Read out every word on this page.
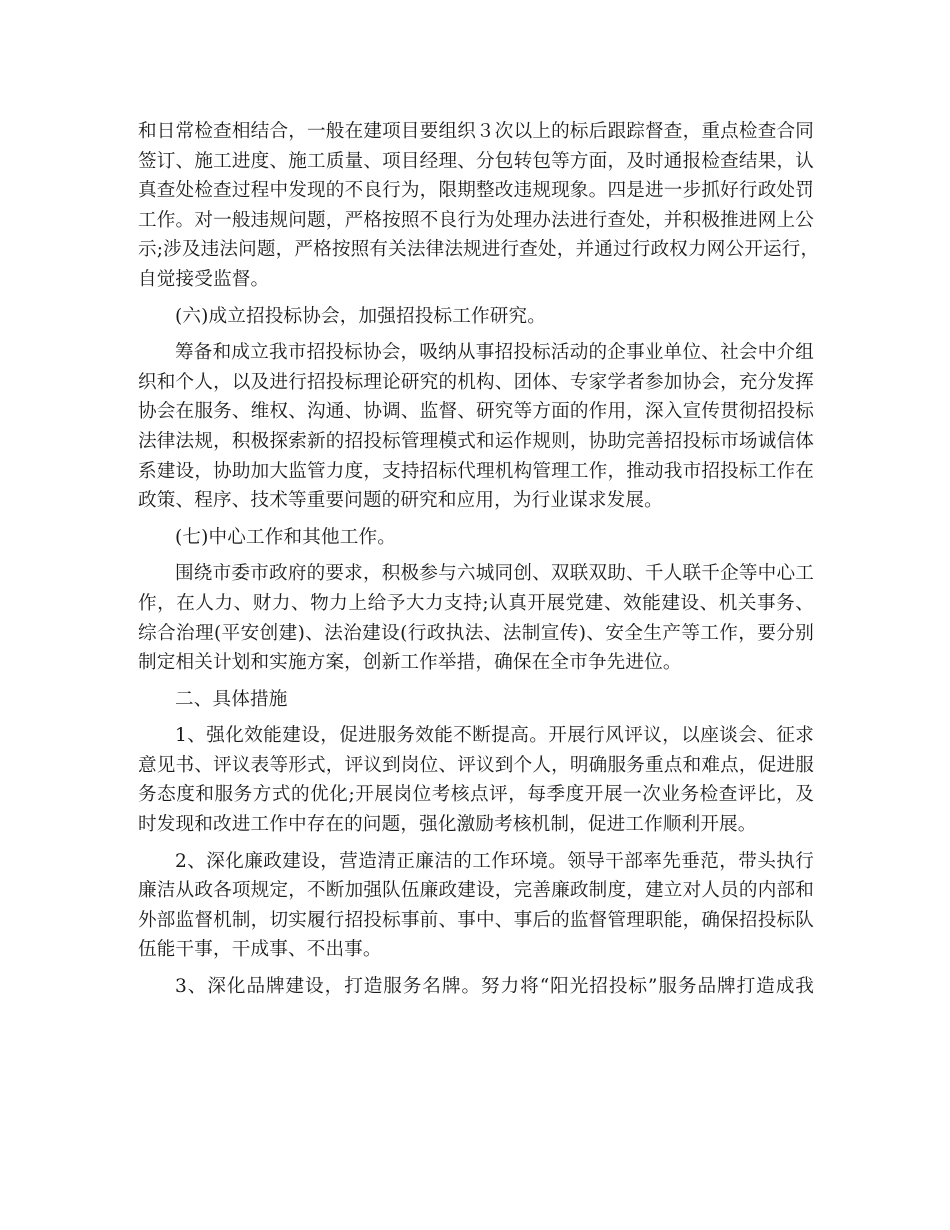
和日常检查相结合，一般在建项目要组织３次以上的标后跟踪督查，重点检查合同
签订、施工进度、施工质量、项目经理、分包转包等方面，及时通报检查结果，认
真查处检查过程中发现的不良行为，限期整改违规现象。四是进一步抓好行政处罚
工作。对一般违规问题，严格按照不良行为处理办法进行查处，并积极推进网上公
示;涉及违法问题，严格按照有关法律法规进行查处，并通过行政权力网公开运行，
自觉接受监督。
(六)成立招投标协会，加强招投标工作研究。
筹备和成立我市招投标协会，吸纳从事招投标活动的企事业单位、社会中介组
织和个人，以及进行招投标理论研究的机构、团体、专家学者参加协会，充分发挥
协会在服务、维权、沟通、协调、监督、研究等方面的作用，深入宣传贯彻招投标
法律法规，积极探索新的招投标管理模式和运作规则，协助完善招投标市场诚信体
系建设，协助加大监管力度，支持招标代理机构管理工作，推动我市招投标工作在
政策、程序、技术等重要问题的研究和应用，为行业谋求发展。
(七)中心工作和其他工作。
围绕市委市政府的要求，积极参与六城同创、双联双助、千人联千企等中心工
作，在人力、财力、物力上给予大力支持;认真开展党建、效能建设、机关事务、
综合治理(平安创建)、法治建设(行政执法、法制宣传)、安全生产等工作，要分别
制定相关计划和实施方案，创新工作举措，确保在全市争先进位。
二、具体措施
1、强化效能建设，促进服务效能不断提高。开展行风评议，以座谈会、征求
意见书、评议表等形式，评议到岗位、评议到个人，明确服务重点和难点，促进服
务态度和服务方式的优化;开展岗位考核点评，每季度开展一次业务检查评比，及
时发现和改进工作中存在的问题，强化激励考核机制，促进工作顺利开展。
2、深化廉政建设，营造清正廉洁的工作环境。领导干部率先垂范，带头执行
廉洁从政各项规定，不断加强队伍廉政建设，完善廉政制度，建立对人员的内部和
外部监督机制，切实履行招投标事前、事中、事后的监督管理职能，确保招投标队
伍能干事，干成事、不出事。
3、深化品牌建设，打造服务名牌。努力将“阳光招投标”服务品牌打造成我
